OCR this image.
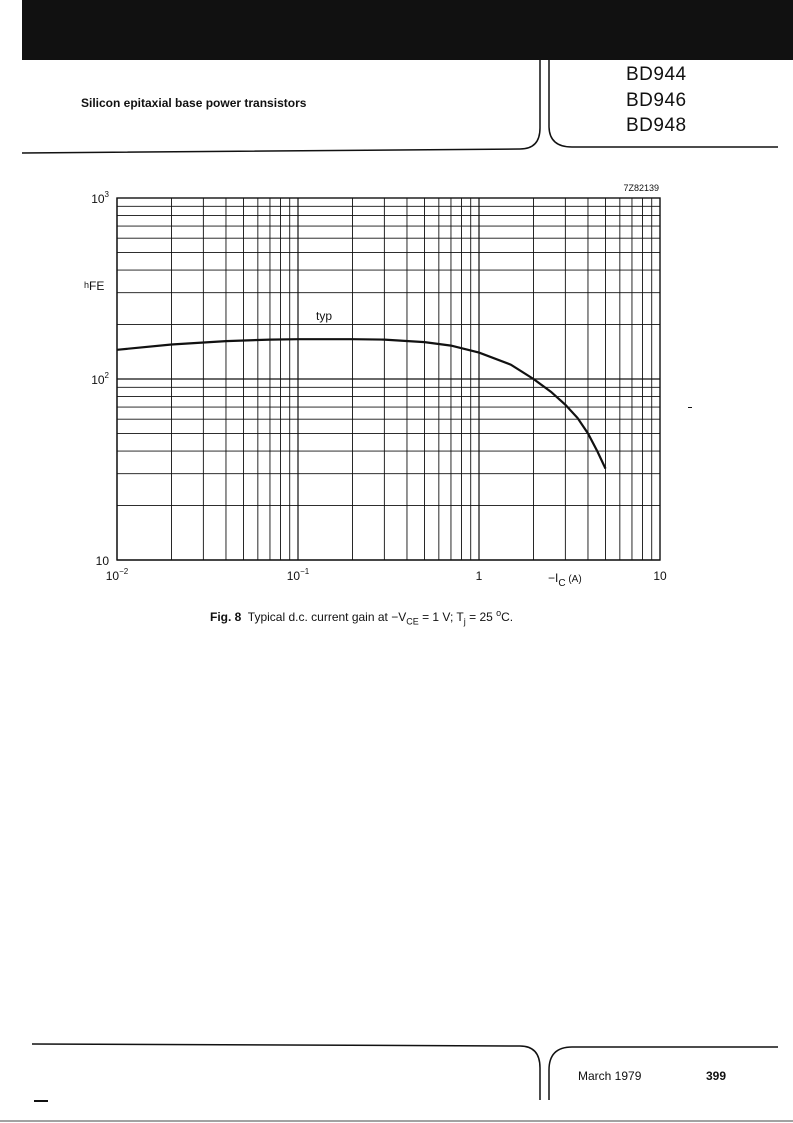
Silicon epitaxial base power transistors
BD944
BD946
BD948
7Z82139
typ
$10^{-2}$	$10^{-1}$	1	10
$10^3$
$10^2$
10
hFE
$-I_C$ $^{(A)}$
Fig. 8 Typical d.c. current gain at $-V_{CE} = 1$ V; $T_j = 25$ $^o$C.
March 1979	399
